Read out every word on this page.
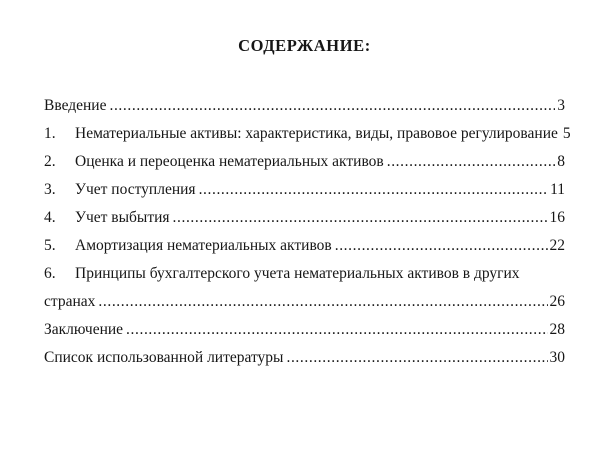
СОДЕРЖАНИЕ:
Введение .....	3
1.	Нематериальные активы: характеристика, виды, правовое регулирование 5
2.	Оценка и переоценка нематериальных активов .....	8
3.	Учет поступления .....	11
4.	Учет выбытия .....	16
5.	Амортизация нематериальных активов .....	22
6.	Принципы бухгалтерского учета нематериальных активов в других
странах .....	26
Заключение .....	28
Список использованной литературы .....	30
